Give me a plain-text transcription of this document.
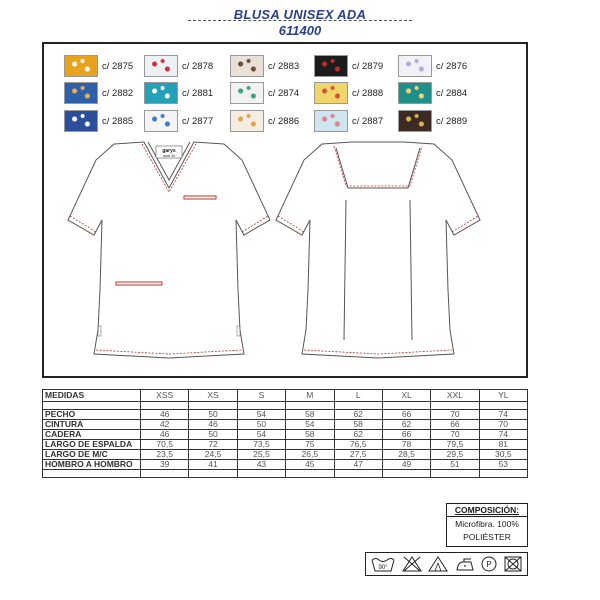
BLUSA UNISEX ADA
611400
c/ 2875	c/ 2878	c/ 2883	c/ 2879	c/ 2876
c/ 2882	c/ 2881	c/ 2874	c/ 2888	c/ 2884
c/ 2885	c/ 2877	c/ 2886	c/ 2887	c/ 2889
garys
size M
MEDIDAS	XSS	XS	S	M	L	XL	XXL	YL

PECHO	46	50	54	58	62	66	70	74
CINTURA	42	46	50	54	58	62	66	70
CADERA	46	50	54	58	62	66	70	74
LARGO DE ESPALDA	70,5	72	73,5	75	76,5	78	79,5	81
LARGO DE M/C	23,5	24,5	25,5	26,5	27,5	28,5	29,5	30,5
HOMBRO A HOMBRO	39	41	43	45	47	49	51	53

COMPOSICIÓN:
Microfibra. 100%
POLIÉSTER
90°	P
